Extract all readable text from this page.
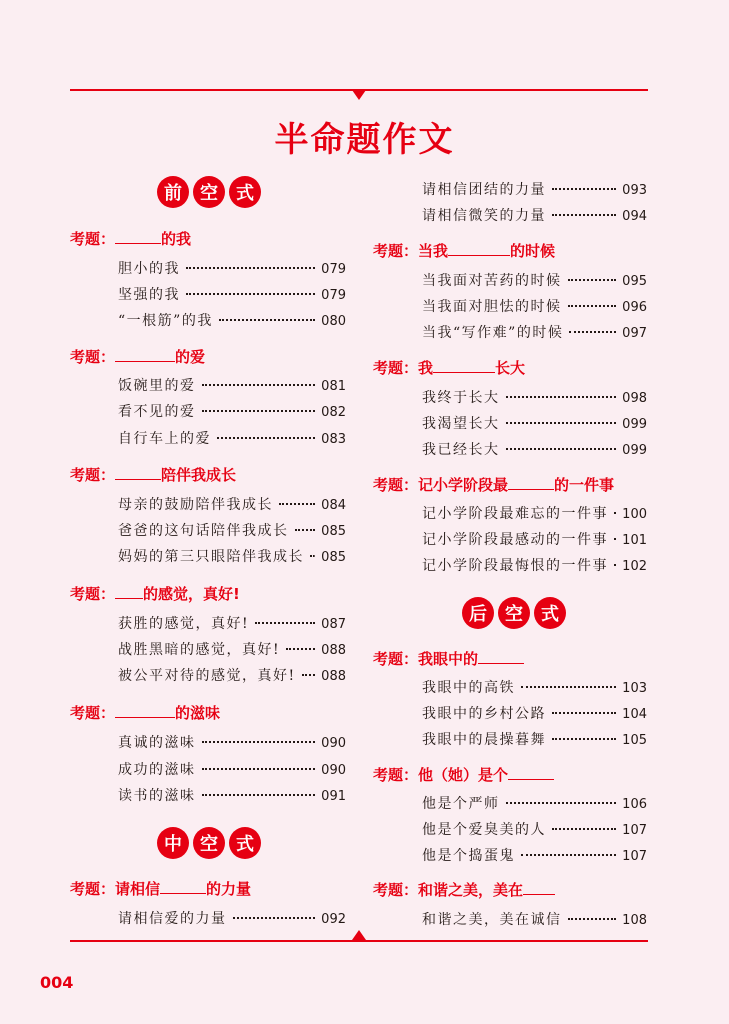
半命题作文
前	空	式
中	空	式
后	空	式
考题：	的我
胆小的我	079
坚强的我	079
“一根筋”的我	080
考题：	的爱
饭碗里的爱	081
看不见的爱	082
自行车上的爱	083
考题：	陪伴我成长
母亲的鼓励陪伴我成长	084
爸爸的这句话陪伴我成长	085
妈妈的第三只眼陪伴我成长 085
考题： 的感觉，真好!
获胜的感觉，真好!	087
战胜黑暗的感觉，真好!	088
被公平对待的感觉，真好! 088
考题：	的滋味
真诚的滋味	090
成功的滋味	090
读书的滋味	091
考题：请相信	的力量
请相信爱的力量	092
请相信团结的力量	093
请相信微笑的力量	094
考题：当我	的时候
当我面对苦药的时候	095
当我面对胆怯的时候	096
当我“写作难”的时候	097
考题：我	长大
我终于长大	098
我渴望长大	099
我已经长大	099
考题：记小学阶段最	的一件事
记小学阶段最难忘的一件事 100
记小学阶段最感动的一件事 101
记小学阶段最悔恨的一件事 102
考题：我眼中的
我眼中的高铁	103
我眼中的乡村公路	104
我眼中的晨操暮舞	105
考题：他（她）是个
他是个严师	106
他是个爱臭美的人	107
他是个捣蛋鬼	107
考题：和谐之美，美在
和谐之美，美在诚信	108
004
